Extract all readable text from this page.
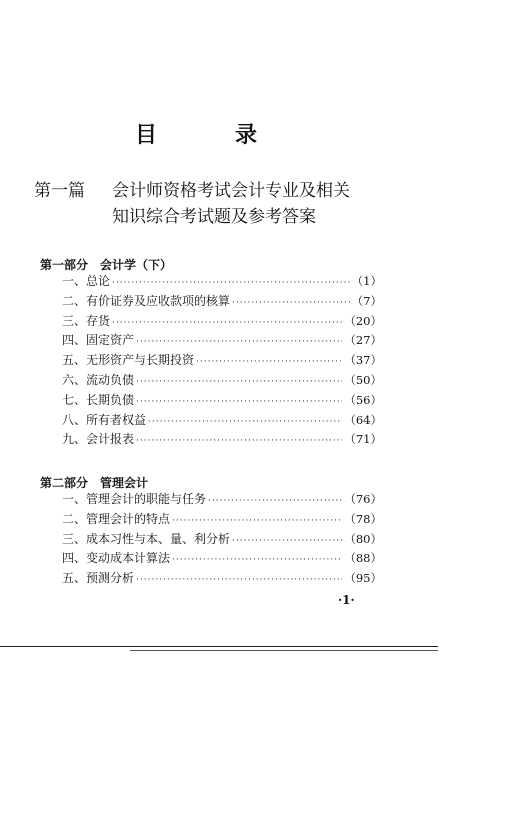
目　录
第一篇 会计师资格考试会计专业及相关
知识综合考试题及参考答案
第一部分 会计学（下）
一、总论 ·····	（1）
二、有价证券及应收款项的核算 ·····	（7）
三、存货 ·····	（20）
四、固定资产 ·····	（27）
五、无形资产与长期投资 ·····	（37）
六、流动负债 ·····	（50）
七、长期负债 ·····	（56）
八、所有者权益 ·····	（64）
九、会计报表 ·····	（71）
第二部分 管理会计
一、管理会计的职能与任务 ·····	（76）
二、管理会计的特点 ·····	（78）
三、成本习性与本、量、利分析 ·····	（80）
四、变动成本计算法 ·····	（88）
五、预测分析 ·····	（95）
·1·
